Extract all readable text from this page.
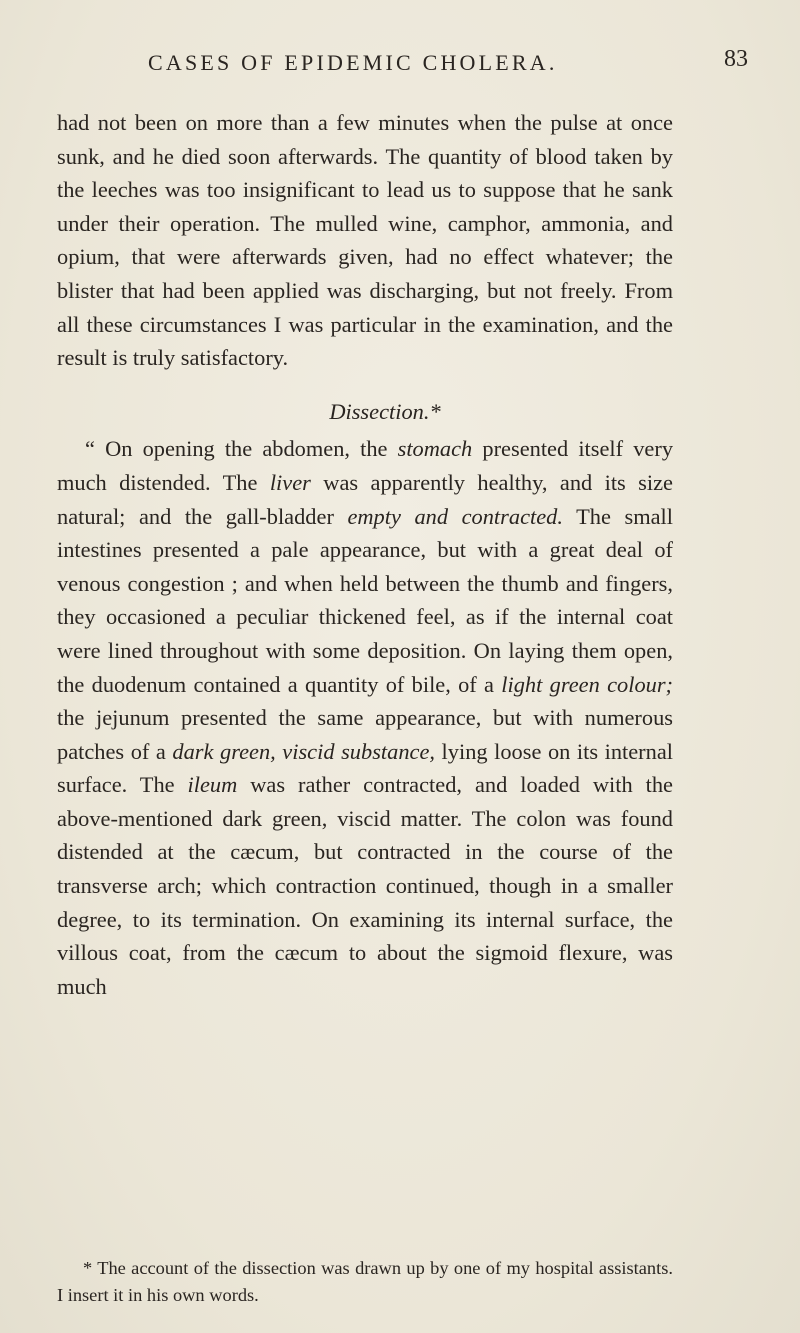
CASES OF EPIDEMIC CHOLERA.	83

had not been on more than a few minutes when the pulse at once sunk, and he died soon afterwards. The quantity of blood taken by the leeches was too insignificant to lead us to suppose that he sank under their operation. The mulled wine, camphor, ammonia, and opium, that were afterwards given, had no effect whatever; the blister that had been applied was discharging, but not freely. From all these circumstances I was particular in the examination, and the result is truly satisfactory.

Dissection.*

“ On opening the abdomen, the stomach presented itself very much distended. The liver was apparently healthy, and its size natural; and the gall-bladder empty and contracted. The small intestines presented a pale appearance, but with a great deal of venous congestion ; and when held between the thumb and fingers, they occasioned a peculiar thickened feel, as if the internal coat were lined throughout with some deposition. On laying them open, the duodenum contained a quantity of bile, of a light green colour; the jejunum presented the same appearance, but with numerous patches of a dark green, viscid substance, lying loose on its internal surface. The ileum was rather contracted, and loaded with the above-mentioned dark green, viscid matter. The colon was found distended at the cæcum, but contracted in the course of the transverse arch; which contraction continued, though in a smaller degree, to its termination. On examining its internal surface, the villous coat, from the cæcum to about the sigmoid flexure, was much

* The account of the dissection was drawn up by one of my hospital assistants. I insert it in his own words.
